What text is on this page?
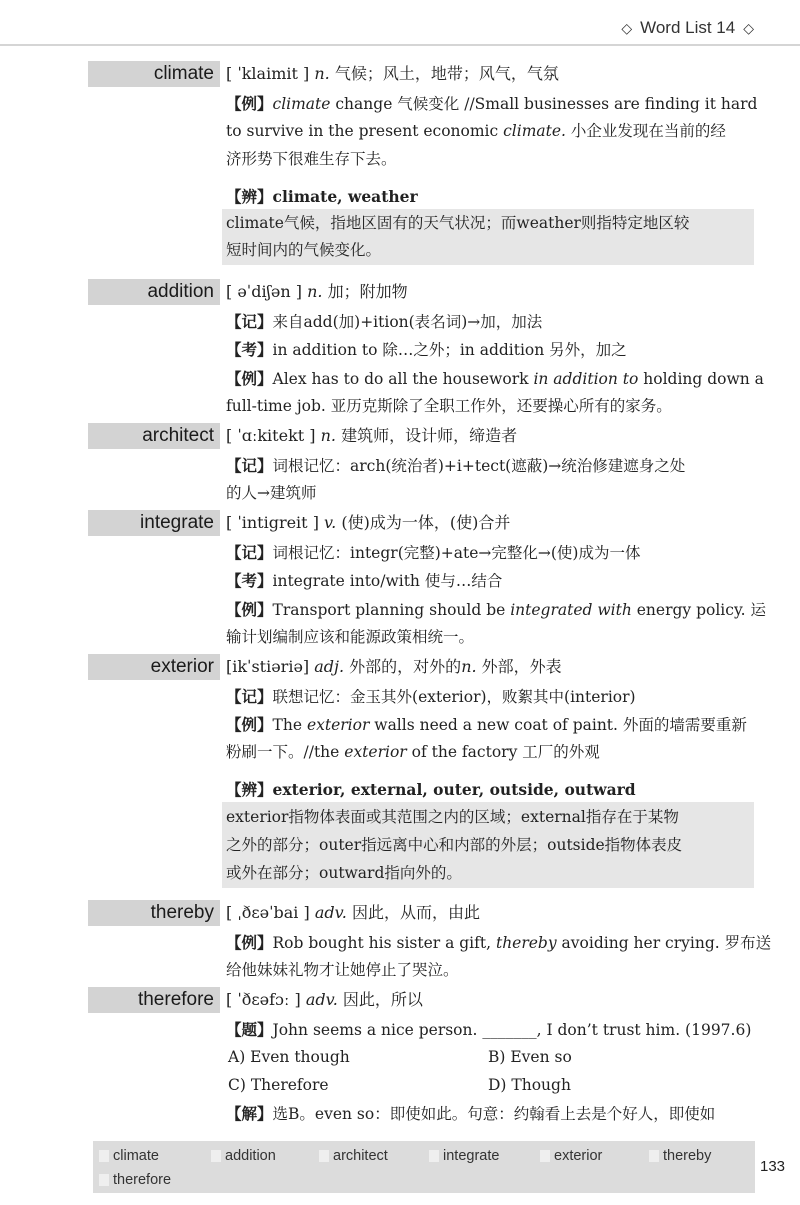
◇ Word List 14 ◇
climate [ ˈklaimit ] n. 气候；风土，地带；风气，气氛
【例】climate change 气候变化 //Small businesses are finding it hard
to survive in the present economic climate. 小企业发现在当前的经
济形势下很难生存下去。
【辨】climate, weather
climate气候，指地区固有的天气状况；而weather则指特定地区较
短时间内的气候变化。
addition [ əˈdiʃən ] n. 加；附加物
【记】来自add(加)+ition(表名词)→加，加法
【考】in addition to 除…之外；in addition 另外，加之
【例】Alex has to do all the housework in addition to holding down a
full-time job. 亚历克斯除了全职工作外，还要操心所有的家务。
architect [ ˈɑːkitekt ] n. 建筑师，设计师，缔造者
【记】词根记忆：arch(统治者)+i+tect(遮蔽)→统治修建遮身之处
的人→建筑师
integrate [ ˈintigreit ] v. (使)成为一体，(使)合并
【记】词根记忆：integr(完整)+ate→完整化→(使)成为一体
【考】integrate into/with 使与…结合
【例】Transport planning should be integrated with energy policy. 运
输计划编制应该和能源政策相统一。
exterior [ikˈstiəriə] adj. 外部的，对外的n. 外部，外表
【记】联想记忆：金玉其外(exterior)，败絮其中(interior)
【例】The exterior walls need a new coat of paint. 外面的墙需要重新
粉刷一下。//the exterior of the factory 工厂的外观
【辨】exterior, external, outer, outside, outward
exterior指物体表面或其范围之内的区域；external指存在于某物
之外的部分；outer指远离中心和内部的外层；outside指物体表皮
或外在部分；outward指向外的。
thereby [ ˌðɛəˈbai ] adv. 因此，从而，由此
【例】Rob bought his sister a gift, thereby avoiding her crying. 罗布送
给他妹妹礼物才让她停止了哭泣。
therefore [ ˈðɛəfɔː ] adv. 因此，所以
【题】John seems a nice person. _______, I don’t trust him. (1997.6)
A) Even though	B) Even so
C) Therefore	D) Though
【解】选B。even so：即使如此。句意：约翰看上去是个好人，即使如
climate	addition	architect	integrate	exterior	thereby
therefore
133
